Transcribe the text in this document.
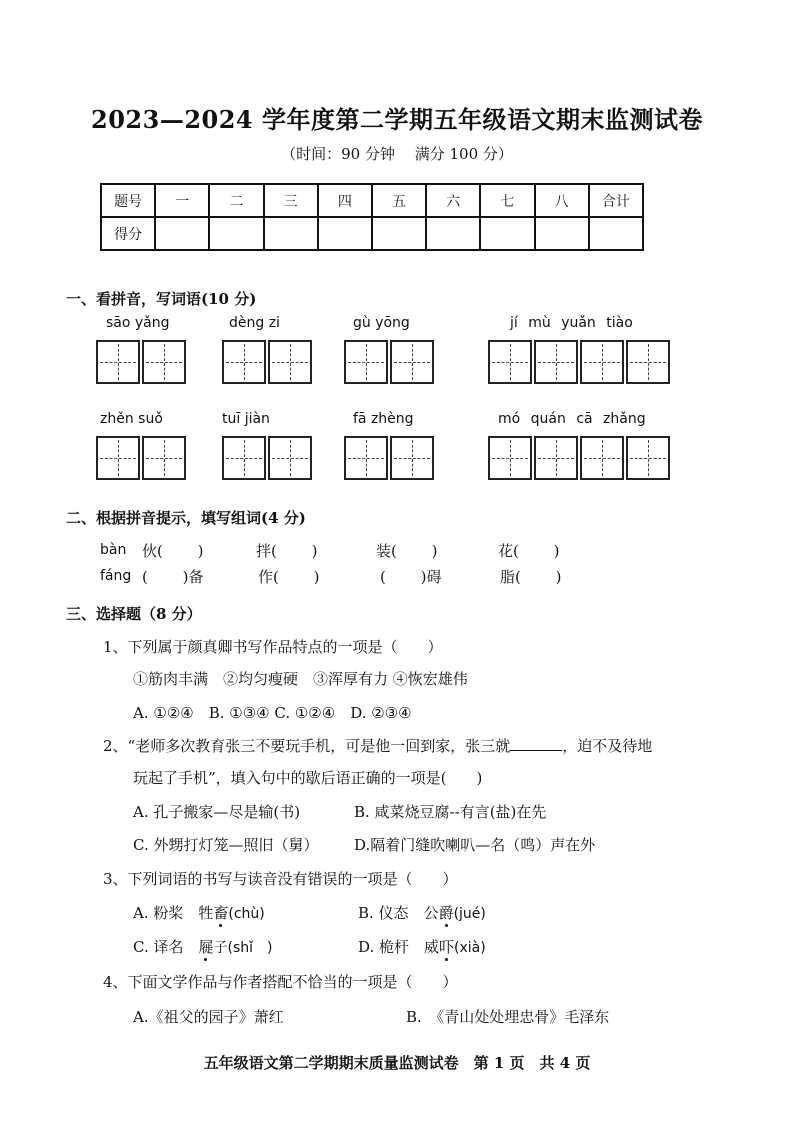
2023—2024 学年度第二学期五年级语文期末监测试卷
（时间：90 分钟　 满分 100 分）
题号	一	二	三	四	五	六	七	八	合计
得分									
一、看拼音，写词语(10 分)
sāo yǎng	dèng zi	gù yōng	jí mù yuǎn tiào
zhěn suǒ	tuī jiàn	fā zhèng	mó quán cā zhǎng
二、根据拼音提示，填写组词(4 分)
bàn 伙(　　 )	拌(　　 )	装(　　 )	花(　　 )
fáng (　　 )备	作(　　 )	(　　 )碍	脂(　　 )
三、选择题（8 分）
1、下列属于颜真卿书写作品特点的一项是（　　）
①筋肉丰满　②均匀瘦硬　③浑厚有力 ④恢宏雄伟
A. ①②④　B. ①③④ C. ①②④　D. ②③④
2、“老师多次教育张三不要玩手机，可是他一回到家，张三就	，迫不及待地
玩起了手机”，填入句中的歇后语正确的一项是(　　)
A. 孔子搬家—尽是输(书)	B. 咸菜烧豆腐--有言(盐)在先
C. 外甥打灯笼—照旧（舅） D.隔着门缝吹喇叭—名（鸣）声在外
3、下列词语的书写与读音没有错误的一项是（　　）
A. 粉桨　牲畜(chù)	B. 仪态　公爵(jué)
C. 译名　屣子(shǐ　)	D. 桅杆　威吓(xià)
4、下面文学作品与作者搭配不恰当的一项是（　　）
A.《祖父的园子》萧红	B.　《青山处处埋忠骨》毛泽东
五年级语文第二学期期末质量监测试卷　第 1 页　共 4 页
